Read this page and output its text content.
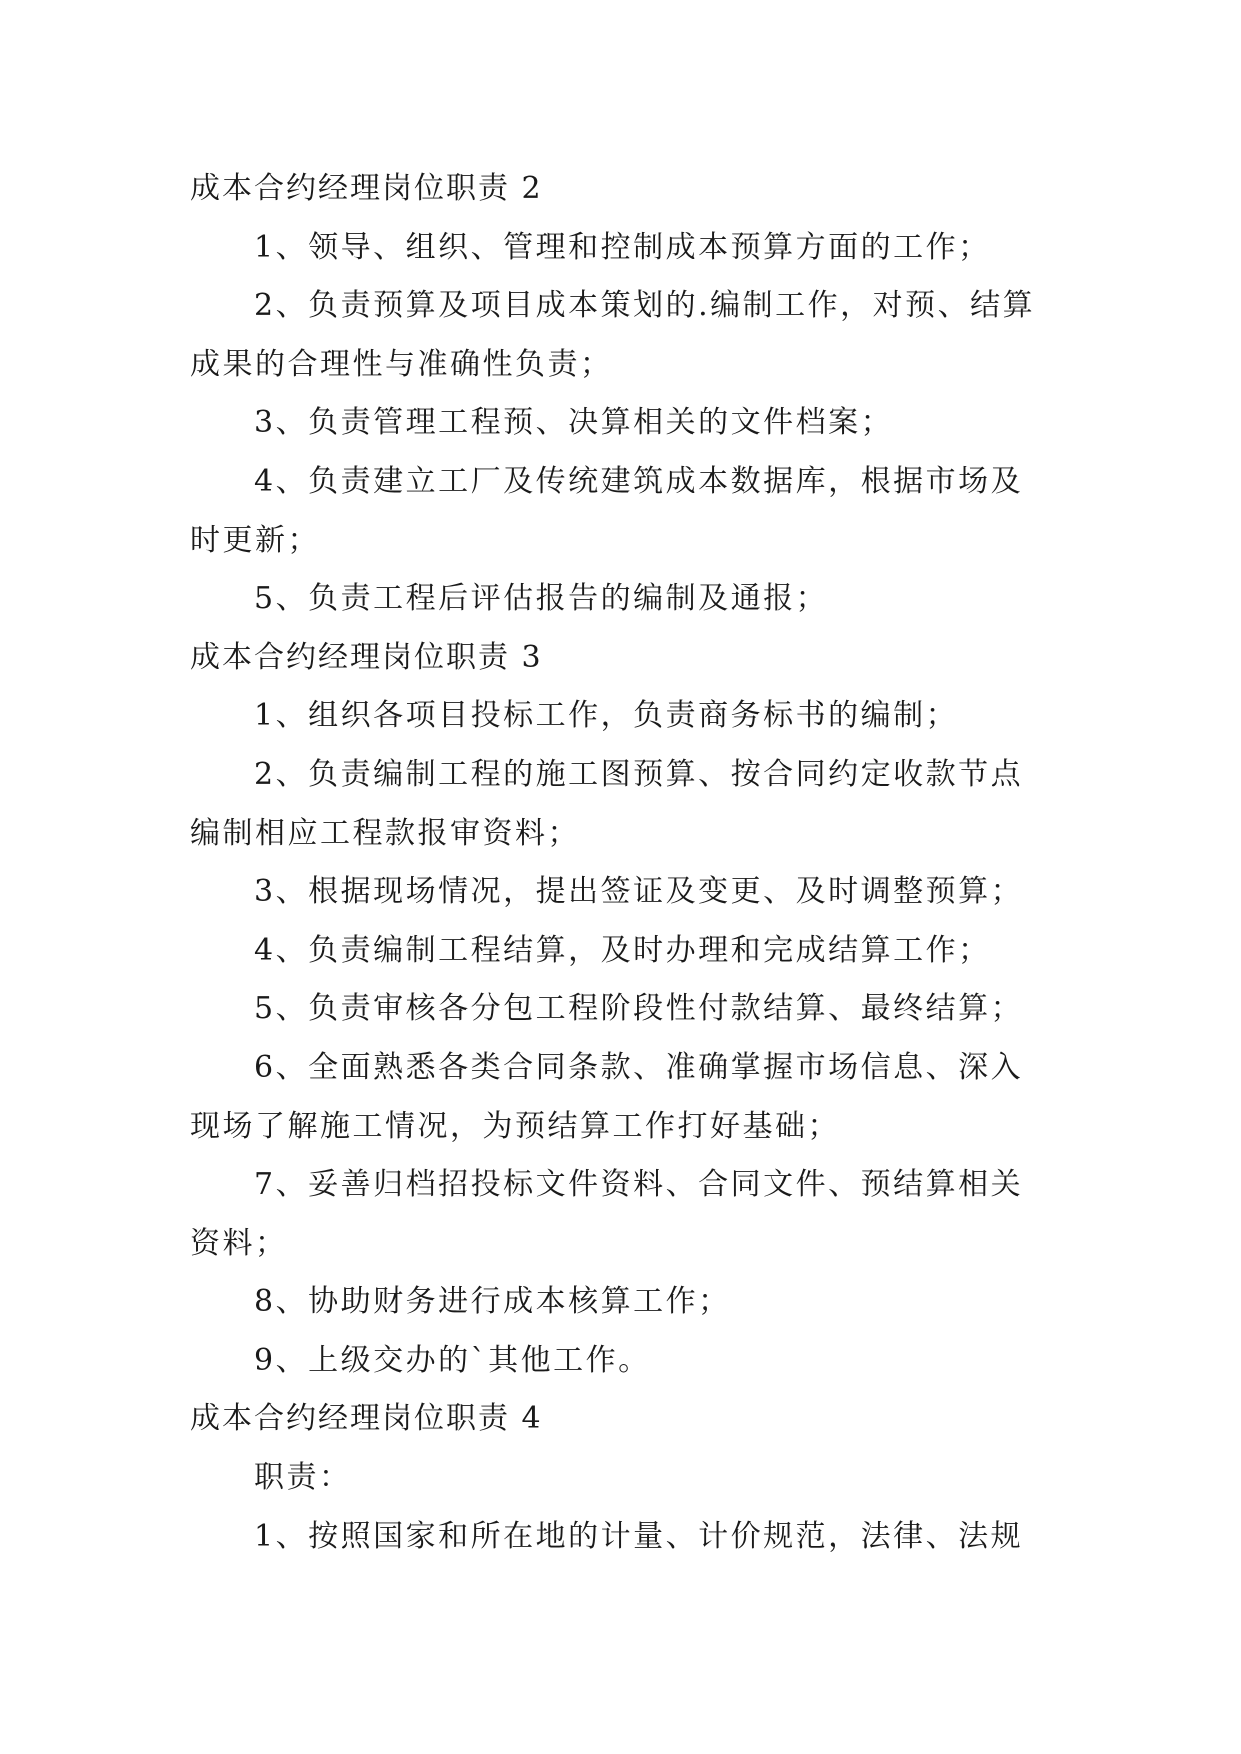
成本合约经理岗位职责 2
1、领导、组织、管理和控制成本预算方面的工作；
2、负责预算及项目成本策划的.编制工作，对预、结算
成果的合理性与准确性负责；
3、负责管理工程预、决算相关的文件档案；
4、负责建立工厂及传统建筑成本数据库，根据市场及
时更新；
5、负责工程后评估报告的编制及通报；
成本合约经理岗位职责 3
1、组织各项目投标工作，负责商务标书的编制；
2、负责编制工程的施工图预算、按合同约定收款节点
编制相应工程款报审资料；
3、根据现场情况，提出签证及变更、及时调整预算；
4、负责编制工程结算，及时办理和完成结算工作；
5、负责审核各分包工程阶段性付款结算、最终结算；
6、全面熟悉各类合同条款、准确掌握市场信息、深入
现场了解施工情况，为预结算工作打好基础；
7、妥善归档招投标文件资料、合同文件、预结算相关
资料；
8、协助财务进行成本核算工作；
9、上级交办的`其他工作。
成本合约经理岗位职责 4
职责：
1、按照国家和所在地的计量、计价规范，法律、法规
